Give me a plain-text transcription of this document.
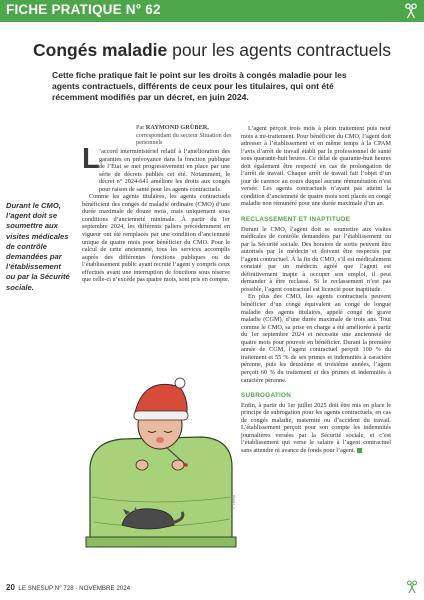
FICHE PRATIQUE N° 62
Congés maladie pour les agents contractuels
Cette fiche pratique fait le point sur les droits à congés maladie pour les agents contractuels, différents de ceux pour les titulaires, qui ont été récemment modifiés par un décret, en juin 2024.
Durant le CMO, l’agent doit se soumettre aux visites médicales de contrôle demandées par l’établissement ou par la Sécurité sociale.
Par RAYMOND GRÜBER,
correspondant du secteur Situation des personnels
L ’accord interministériel relatif à l’amélioration des garanties en prévoyance dans la fonction publique de l’État se met progressivement en place par une série de décrets publiés cet été. Notamment, le décret n° 2024-641 améliore les droits aux congés pour raison de santé pour les agents contractuels.

Comme les agents titulaires, les agents contractuels bénéficient des congés de maladie ordinaire (CMO) d’une durée maximale de douze mois, mais uniquement sous conditions d’ancienneté minimale. À partir du 1er septembre 2024, les différents paliers précédemment en vigueur ont été remplacés par une condition d’ancienneté unique de quatre mois pour bénéficier du CMO. Pour le calcul de cette ancienneté, tous les services accomplis auprès des différentes fonctions publiques ou de l’établissement public ayant recruté l’agent y compris ceux effectués avant une interruption de fonctions sous réserve que celle-ci n’excède pas quatre mois, sont pris en compte.

L’agent perçoit trois mois à plein traitement puis neuf mois à mi-traitement. Pour bénéficier du CMO, l’agent doit adresser à l’établissement et en même temps à la CPAM l’avis d’arrêt de travail établi par le professionnel de santé sous quarante-huit heures. Ce délai de quarante-huit heures doit également être respecté en cas de prolongation de l’arrêt de travail. Chaque arrêt de travail fait l’objet d’un jour de carence au cours duquel aucune rémunération n’est versée. Les agents contractuels n’ayant pas atteint la condition d’ancienneté de quatre mois sont placés en congé maladie non rémunéré pour une durée maximale d’un an.

RECLASSEMENT ET INAPTITUDE

Durant le CMO, l’agent doit se soumettre aux visites médicales de contrôle demandées par l’établissement ou par la Sécurité sociale. Des horaires de sortie peuvent être autorisés par le médecin et doivent être respectés par l’agent contractuel. À la fin du CMO, s’il est médicalement constaté par un médecin agréé que l’agent est définitivement inapte à occuper son emploi, il peut demander à être reclassé. Si le reclassement n’est pas possible, l’agent contractuel est licencié pour inaptitude.

En plus des CMO, les agents contractuels peuvent bénéficier d’un congé équivalent au congé de longue maladie des agents titulaires, appelé congé de grave maladie (CGM), d’une durée maximale de trois ans. Tout comme le CMO, sa prise en charge a été améliorée à partir du 1er septembre 2024 et nécessite une ancienneté de quatre mois pour pouvoir en bénéficier. Durant la première année de CGM, l’agent contractuel perçoit 100 % du traitement et 55 % de ses primes et indemnités à caractère pérenne, puis les deuxième et troisième années, l’agent perçoit 60 % du traitement et des primes et indemnités à caractère pérenne.

SUBROGATION

Enfin, à partir du 1er juillet 2025 doit être mis en place le principe de subrogation pour les agents contractuels, en cas de congés maladie, maternité ou d’accident du travail. L’établissement perçoit pour son compte les indemnités journalières versées par la Sécurité sociale, et c’est l’établissement qui verse le salaire à l’agent contractuel sans attendre ni avance de fonds pour l’agent.

© Fredo
20 LE SNESUP N° 728 - NOVEMBRE 2024
